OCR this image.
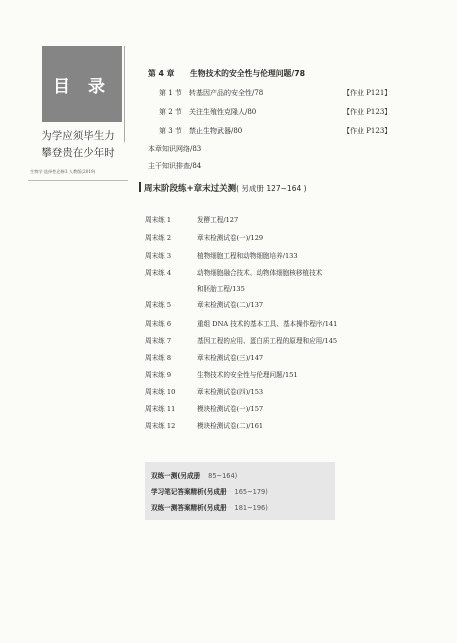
目 录
为学应须毕生力
攀登贵在少年时
生物学 选择性必修3 人教版(2019)
第 4 章 生物技术的安全性与伦理问题/78
第 1 节 转基因产品的安全性/78	【作业 P121】
第 2 节 关注生殖性克隆人/80	【作业 P123】
第 3 节 禁止生物武器/80	【作业 P123】
本章知识网络/83
主干知识排查/84
周末阶段练+章末过关测( 另成册 127~164 )
周末练 1	发酵工程/127
周末练 2	章末检测试卷(一)/129
周末练 3	植物细胞工程和动物细胞培养/133
周末练 4	动物细胞融合技术、动物体细胞核移植技术
和胚胎工程/135
周末练 5	章末检测试卷(二)/137
周末练 6	重组 DNA 技术的基本工具、基本操作程序/141
周末练 7	基因工程的应用、蛋白质工程的原理和应用/145
周末练 8	章末检测试卷(三)/147
周末练 9	生物技术的安全性与伦理问题/151
周末练 10	章末检测试卷(四)/153
周末练 11	模块检测试卷(一)/157
周末练 12	模块检测试卷(二)/161
双练一测(另成册 85~164)
学习笔记答案精析(另成册 165~179)
双练一测答案精析(另成册 181~196)
